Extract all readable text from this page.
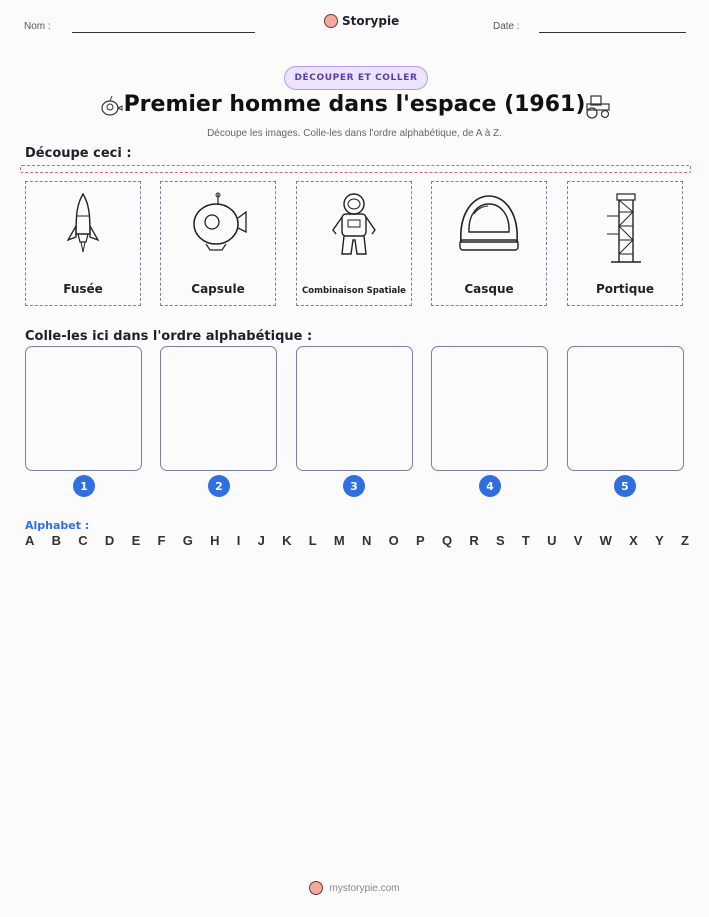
Nom :	Storypie	Date :
DÉCOUPER ET COLLER
Premier homme dans l'espace (1961)
Découpe les images. Colle-les dans l'ordre alphabétique, de A à Z.
Découpe ceci :
Fusée	Capsule	Combinaison Spatiale	Casque	Portique
Colle-les ici dans l'ordre alphabétique :
1	2	3	4	5
Alphabet :
A B C D E F G H I J K L M N O P Q R S T U V W X Y Z
mystorypie.com
